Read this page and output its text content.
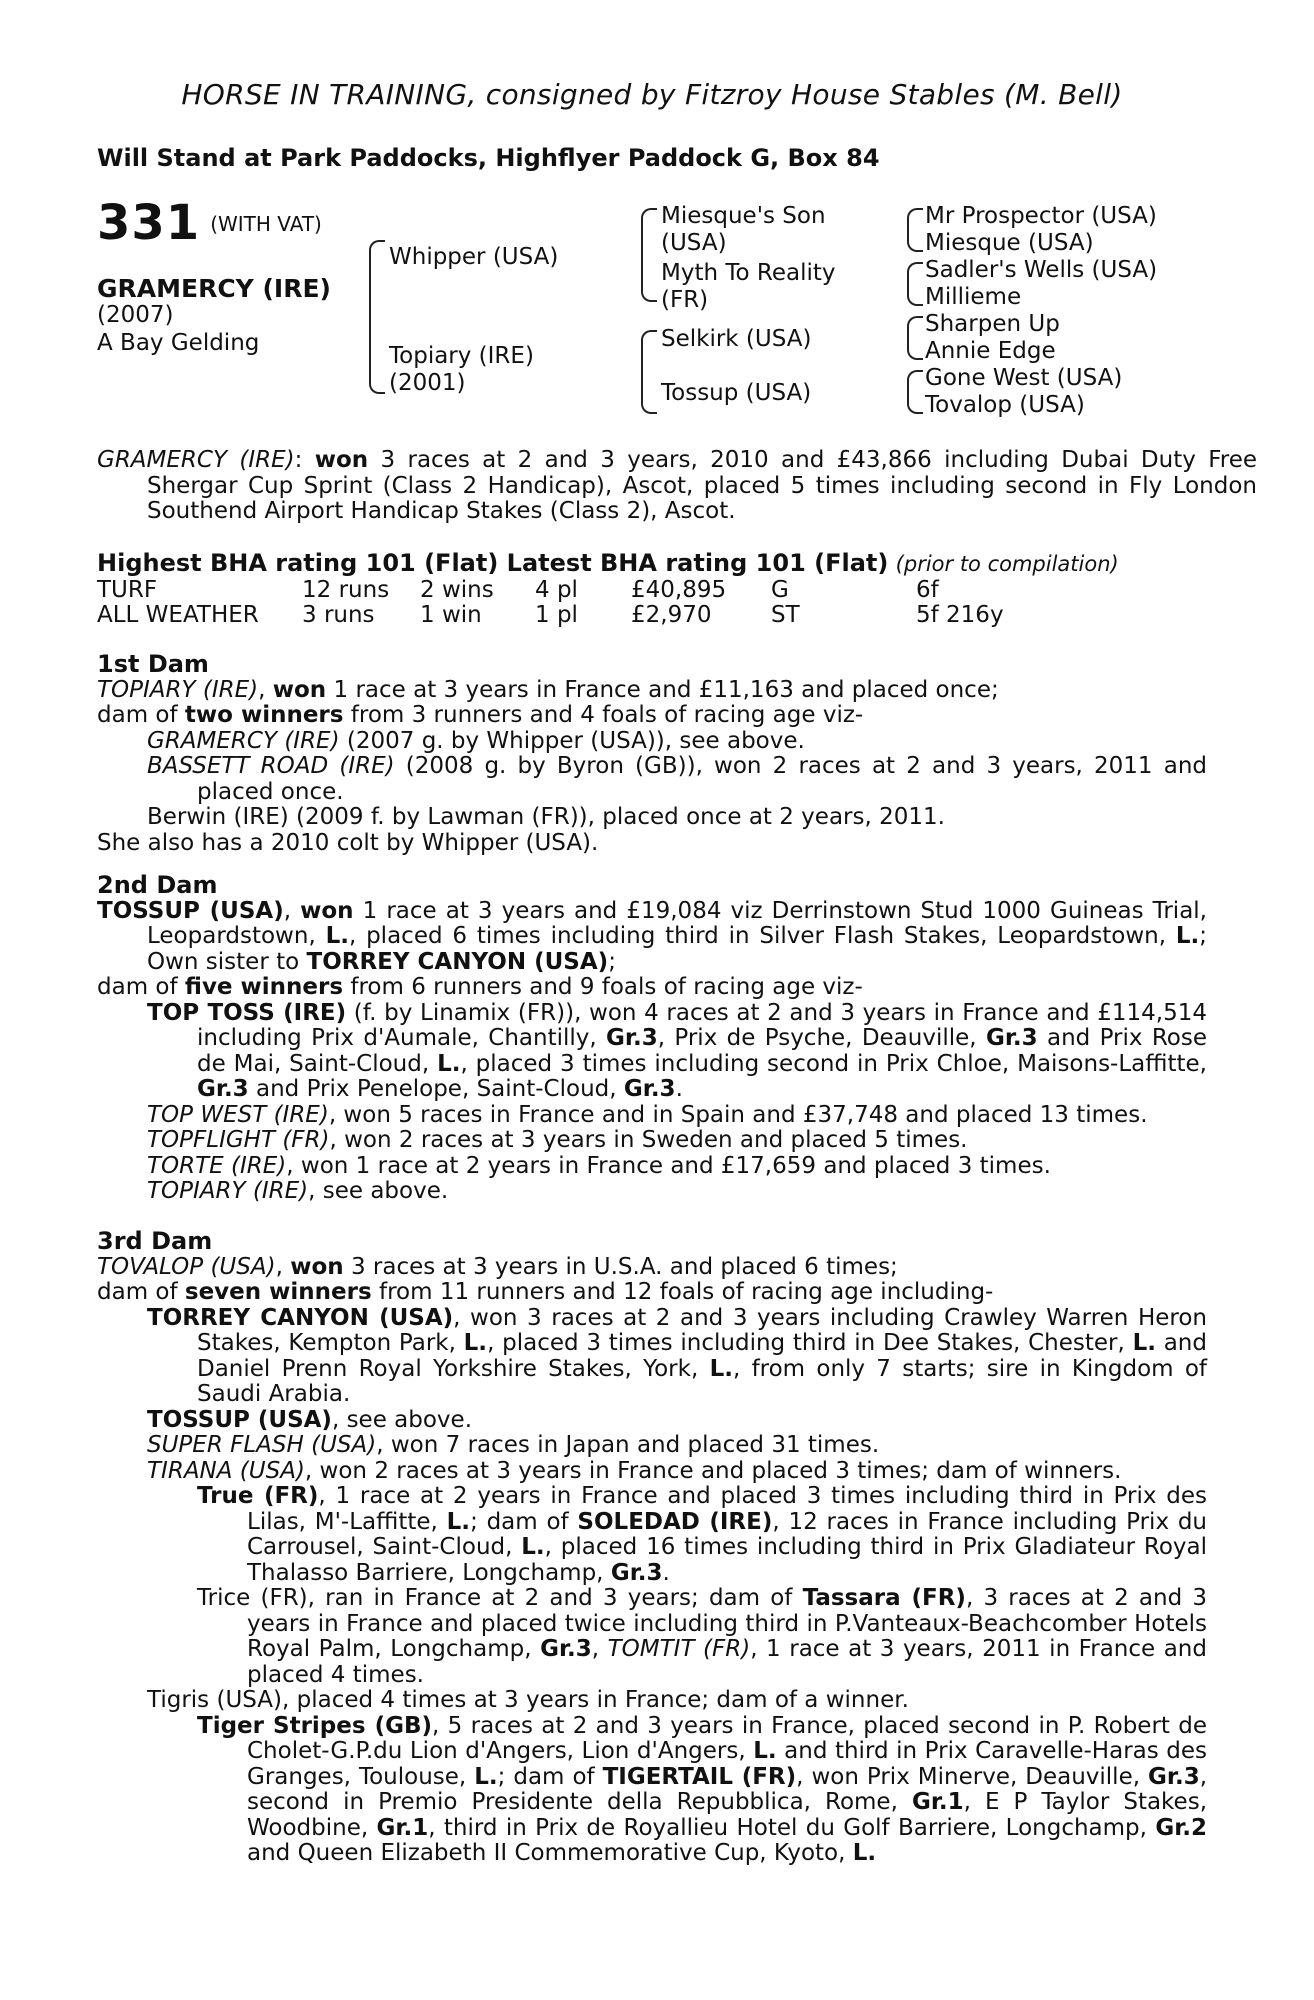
HORSE IN TRAINING, consigned by Fitzroy House Stables (M. Bell)
Will Stand at Park Paddocks, Highflyer Paddock G, Box 84
331 (WITH VAT)
GRAMERCY (IRE)
(2007)
A Bay Gelding
Whipper (USA)
Topiary (IRE)
(2001)
Miesque's Son
(USA)
Myth To Reality
(FR)
Selkirk (USA)
Tossup (USA)
Mr Prospector (USA)
Miesque (USA)
Sadler's Wells (USA)
Millieme
Sharpen Up
Annie Edge
Gone West (USA)
Tovalop (USA)
GRAMERCY (IRE): won 3 races at 2 and 3 years, 2010 and £43,866 including Dubai Duty Free Shergar Cup Sprint (Class 2 Handicap), Ascot, placed 5 times including second in Fly London Southend Airport Handicap Stakes (Class 2), Ascot.
Highest BHA rating 101 (Flat) Latest BHA rating 101 (Flat) (prior to compilation)
TURF	12 runs	2 wins	4 pl	£40,895	G	6f
ALL WEATHER	3 runs	1 win	1 pl	£2,970	ST	5f 216y
1st Dam
TOPIARY (IRE), won 1 race at 3 years in France and £11,163 and placed once;
dam of two winners from 3 runners and 4 foals of racing age viz-
GRAMERCY (IRE) (2007 g. by Whipper (USA)), see above.
BASSETT ROAD (IRE) (2008 g. by Byron (GB)), won 2 races at 2 and 3 years, 2011 and placed once.
Berwin (IRE) (2009 f. by Lawman (FR)), placed once at 2 years, 2011.
She also has a 2010 colt by Whipper (USA).
2nd Dam
TOSSUP (USA), won 1 race at 3 years and £19,084 viz Derrinstown Stud 1000 Guineas Trial, Leopardstown, L., placed 6 times including third in Silver Flash Stakes, Leopardstown, L.; Own sister to TORREY CANYON (USA);
dam of five winners from 6 runners and 9 foals of racing age viz-
TOP TOSS (IRE) (f. by Linamix (FR)), won 4 races at 2 and 3 years in France and £114,514 including Prix d'Aumale, Chantilly, Gr.3, Prix de Psyche, Deauville, Gr.3 and Prix Rose de Mai, Saint-Cloud, L., placed 3 times including second in Prix Chloe, Maisons-Laffitte, Gr.3 and Prix Penelope, Saint-Cloud, Gr.3.
TOP WEST (IRE), won 5 races in France and in Spain and £37,748 and placed 13 times.
TOPFLIGHT (FR), won 2 races at 3 years in Sweden and placed 5 times.
TORTE (IRE), won 1 race at 2 years in France and £17,659 and placed 3 times.
TOPIARY (IRE), see above.
3rd Dam
TOVALOP (USA), won 3 races at 3 years in U.S.A. and placed 6 times;
dam of seven winners from 11 runners and 12 foals of racing age including-
TORREY CANYON (USA), won 3 races at 2 and 3 years including Crawley Warren Heron Stakes, Kempton Park, L., placed 3 times including third in Dee Stakes, Chester, L. and Daniel Prenn Royal Yorkshire Stakes, York, L., from only 7 starts; sire in Kingdom of Saudi Arabia.
TOSSUP (USA), see above.
SUPER FLASH (USA), won 7 races in Japan and placed 31 times.
TIRANA (USA), won 2 races at 3 years in France and placed 3 times; dam of winners.
True (FR), 1 race at 2 years in France and placed 3 times including third in Prix des Lilas, M'-Laffitte, L.; dam of SOLEDAD (IRE), 12 races in France including Prix du Carrousel, Saint-Cloud, L., placed 16 times including third in Prix Gladiateur Royal Thalasso Barriere, Longchamp, Gr.3.
Trice (FR), ran in France at 2 and 3 years; dam of Tassara (FR), 3 races at 2 and 3 years in France and placed twice including third in P.Vanteaux-Beachcomber Hotels Royal Palm, Longchamp, Gr.3, TOMTIT (FR), 1 race at 3 years, 2011 in France and placed 4 times.
Tigris (USA), placed 4 times at 3 years in France; dam of a winner.
Tiger Stripes (GB), 5 races at 2 and 3 years in France, placed second in P. Robert de Cholet-G.P.du Lion d'Angers, Lion d'Angers, L. and third in Prix Caravelle-Haras des Granges, Toulouse, L.; dam of TIGERTAIL (FR), won Prix Minerve, Deauville, Gr.3, second in Premio Presidente della Repubblica, Rome, Gr.1, E P Taylor Stakes, Woodbine, Gr.1, third in Prix de Royallieu Hotel du Golf Barriere, Longchamp, Gr.2 and Queen Elizabeth II Commemorative Cup, Kyoto, L.
